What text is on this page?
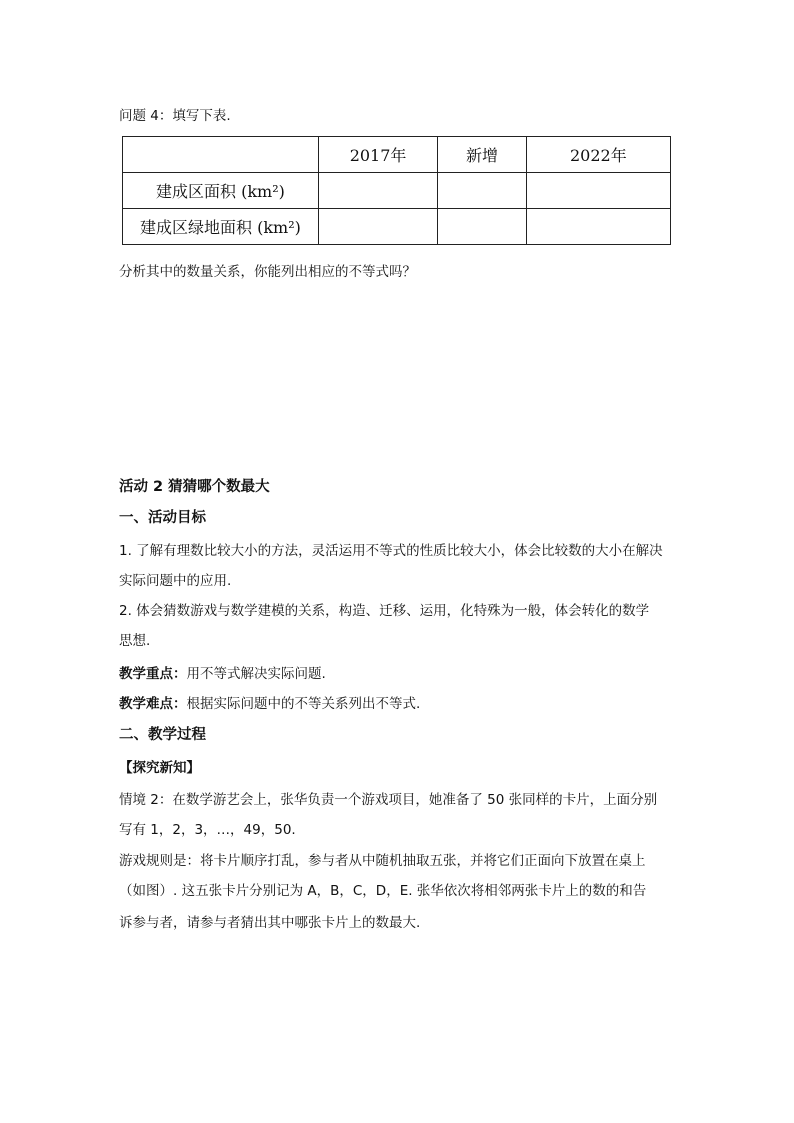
问题 4：填写下表.
	2017年	新增	2022年
建成区面积 (km²)			
建成区绿地面积 (km²)			
分析其中的数量关系，你能列出相应的不等式吗？
活动 2 猜猜哪个数最大
一、活动目标
1. 了解有理数比较大小的方法，灵活运用不等式的性质比较大小，体会比较数的大小在解决
实际问题中的应用.
2. 体会猜数游戏与数学建模的关系，构造、迁移、运用，化特殊为一般，体会转化的数学
思想.
教学重点：用不等式解决实际问题.
教学难点：根据实际问题中的不等关系列出不等式.
二、教学过程
【探究新知】
情境 2：在数学游艺会上，张华负责一个游戏项目，她准备了 50 张同样的卡片，上面分别
写有 1，2，3，…，49，50.
游戏规则是：将卡片顺序打乱，参与者从中随机抽取五张，并将它们正面向下放置在桌上
（如图）. 这五张卡片分别记为 A，B，C，D，E. 张华依次将相邻两张卡片上的数的和告
诉参与者，请参与者猜出其中哪张卡片上的数最大.
